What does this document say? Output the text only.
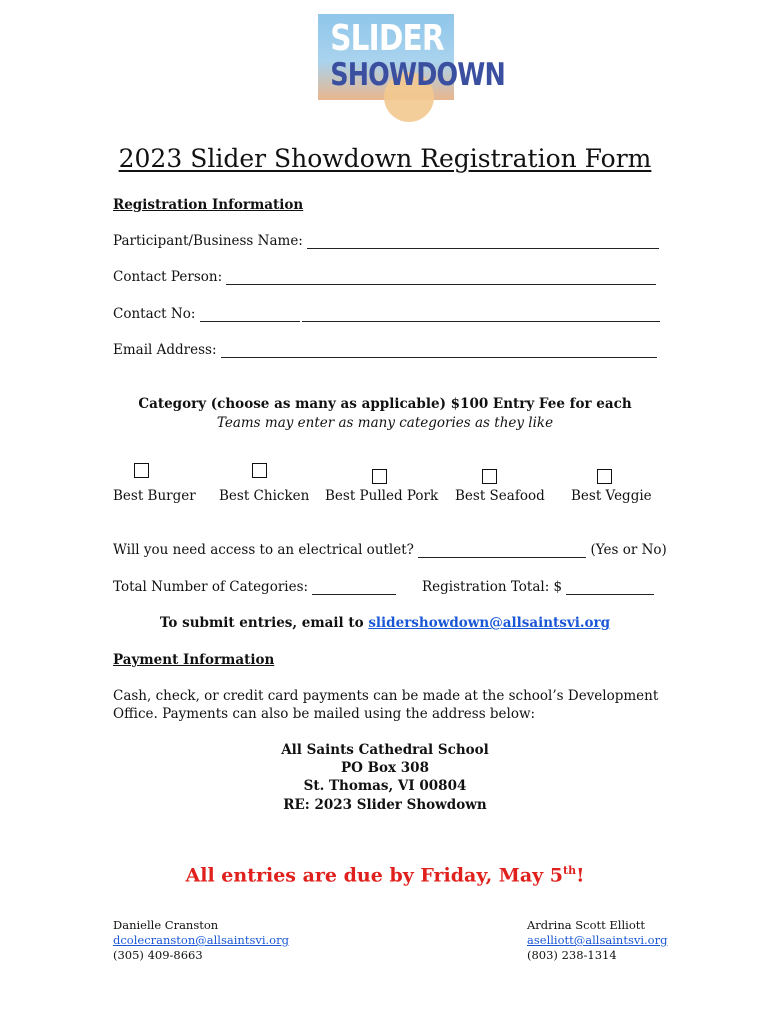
SLIDER
SHOWDOWN
2023 Slider Showdown Registration Form
Registration Information
Participant/Business Name:
Contact Person:
Contact No:
Email Address:
Category (choose as many as applicable) $100 Entry Fee for each
Teams may enter as many categories as they like
Best Burger Best Chicken Best Pulled Pork Best Seafood Best Veggie
Will you need access to an electrical outlet?	(Yes or No)
Total Number of Categories:	Registration Total: $
To submit entries, email to slidershowdown@allsaintsvi.org
Payment Information
Cash, check, or credit card payments can be made at the school’s Development
Office. Payments can also be mailed using the address below:
All Saints Cathedral School
PO Box 308
St. Thomas, VI 00804
RE: 2023 Slider Showdown
All entries are due by Friday, May 5th!
Danielle Cranston
dcolecranston@allsaintsvi.org
(305) 409-8663
Ardrina Scott Elliott
aselliott@allsaintsvi.org
(803) 238-1314
